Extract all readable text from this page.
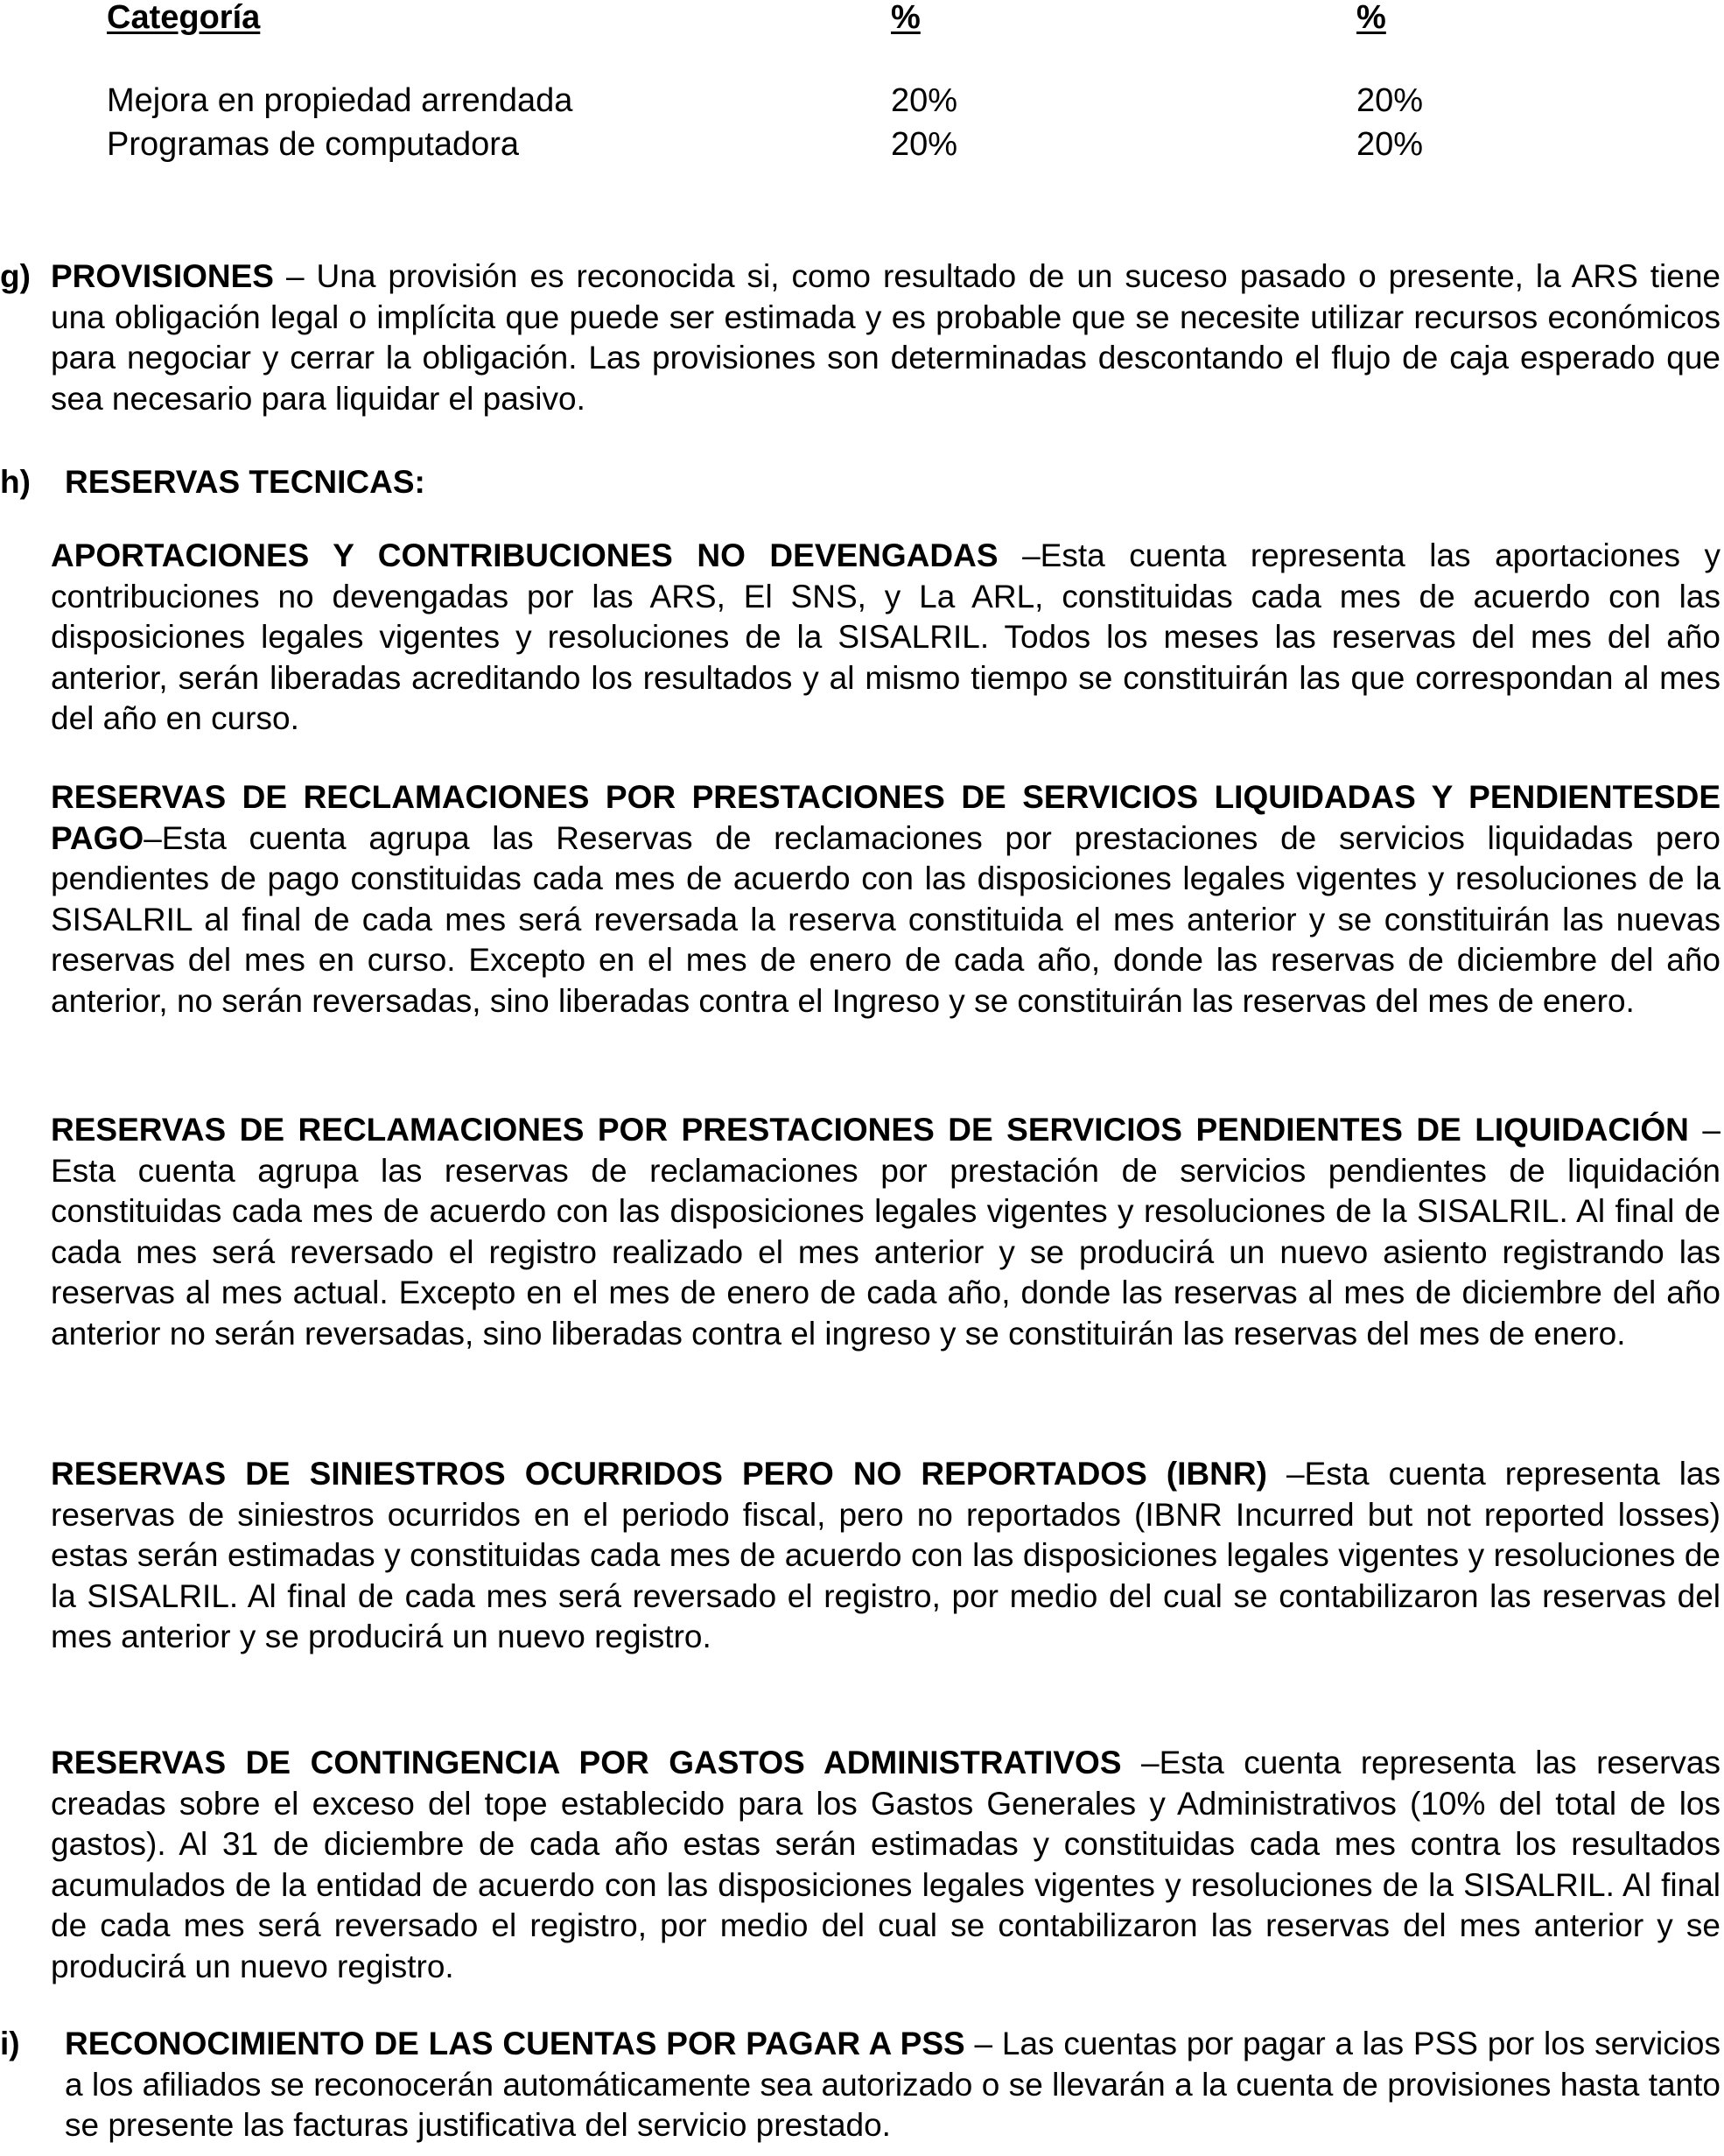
Categoría	%	%
Mejora en propiedad arrendada	20%	20%
Programas de computadora	20%	20%
g) PROVISIONES – Una provisión es reconocida si, como resultado de un suceso pasado o presente, la ARS tiene una obligación legal o implícita que puede ser estimada y es probable que se necesite utilizar recursos económicos para negociar y cerrar la obligación. Las provisiones son determinadas descontando el flujo de caja esperado que sea necesario para liquidar el pasivo.
h) RESERVAS TECNICAS:
APORTACIONES Y CONTRIBUCIONES NO DEVENGADAS –Esta cuenta representa las aportaciones y contribuciones no devengadas por las ARS, El SNS, y La ARL, constituidas cada mes de acuerdo con las disposiciones legales vigentes y resoluciones de la SISALRIL. Todos los meses las reservas del mes del año anterior, serán liberadas acreditando los resultados y al mismo tiempo se constituirán las que correspondan al mes del año en curso.
RESERVAS DE RECLAMACIONES POR PRESTACIONES DE SERVICIOS LIQUIDADAS Y PENDIENTESDE PAGO–Esta cuenta agrupa las Reservas de reclamaciones por prestaciones de servicios liquidadas pero pendientes de pago constituidas cada mes de acuerdo con las disposiciones legales vigentes y resoluciones de la SISALRIL al final de cada mes será reversada la reserva constituida el mes anterior y se constituirán las nuevas reservas del mes en curso. Excepto en el mes de enero de cada año, donde las reservas de diciembre del año anterior, no serán reversadas, sino liberadas contra el Ingreso y se constituirán las reservas del mes de enero.
RESERVAS DE RECLAMACIONES POR PRESTACIONES DE SERVICIOS PENDIENTES DE LIQUIDACIÓN –Esta cuenta agrupa las reservas de reclamaciones por prestación de servicios pendientes de liquidación constituidas cada mes de acuerdo con las disposiciones legales vigentes y resoluciones de la SISALRIL. Al final de cada mes será reversado el registro realizado el mes anterior y se producirá un nuevo asiento registrando las reservas al mes actual. Excepto en el mes de enero de cada año, donde las reservas al mes de diciembre del año anterior no serán reversadas, sino liberadas contra el ingreso y se constituirán las reservas del mes de enero.
RESERVAS DE SINIESTROS OCURRIDOS PERO NO REPORTADOS (IBNR) –Esta cuenta representa las reservas de siniestros ocurridos en el periodo fiscal, pero no reportados (IBNR Incurred but not reported losses) estas serán estimadas y constituidas cada mes de acuerdo con las disposiciones legales vigentes y resoluciones de la SISALRIL. Al final de cada mes será reversado el registro, por medio del cual se contabilizaron las reservas del mes anterior y se producirá un nuevo registro.
RESERVAS DE CONTINGENCIA POR GASTOS ADMINISTRATIVOS –Esta cuenta representa las reservas creadas sobre el exceso del tope establecido para los Gastos Generales y Administrativos (10% del total de los gastos). Al 31 de diciembre de cada año estas serán estimadas y constituidas cada mes contra los resultados acumulados de la entidad de acuerdo con las disposiciones legales vigentes y resoluciones de la SISALRIL. Al final de cada mes será reversado el registro, por medio del cual se contabilizaron las reservas del mes anterior y se producirá un nuevo registro.
i) RECONOCIMIENTO DE LAS CUENTAS POR PAGAR A PSS – Las cuentas por pagar a las PSS por los servicios a los afiliados se reconocerán automáticamente sea autorizado o se llevarán a la cuenta de provisiones hasta tanto se presente las facturas justificativa del servicio prestado.
